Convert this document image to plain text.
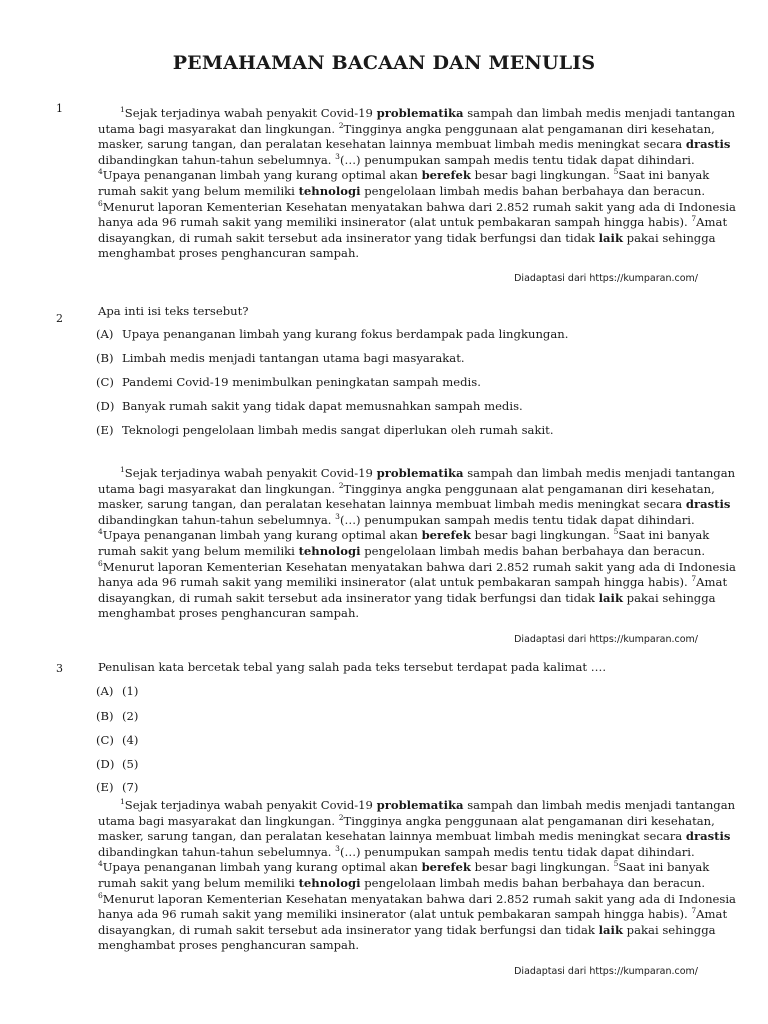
PEMAHAMAN BACAAN DAN MENULIS
1	$^1$Sejak terjadinya wabah penyakit Covid-19 problematika sampah dan limbah medis menjadi tantangan
utama bagi masyarakat dan lingkungan. $^2$Tingginya angka penggunaan alat pengamanan diri kesehatan,
masker, sarung tangan, dan peralatan kesehatan lainnya membuat limbah medis meningkat secara drastis
dibandingkan tahun-tahun sebelumnya. $^3$(…) penumpukan sampah medis tentu tidak dapat dihindari.
$^4$Upaya penanganan limbah yang kurang optimal akan berefek besar bagi lingkungan. $^5$Saat ini banyak
rumah sakit yang belum memiliki tehnologi pengelolaan limbah medis bahan berbahaya dan beracun.
$^6$Menurut laporan Kementerian Kesehatan menyatakan bahwa dari 2.852 rumah sakit yang ada di Indonesia
hanya ada 96 rumah sakit yang memiliki insinerator (alat untuk pembakaran sampah hingga habis). $^7$Amat
disayangkan, di rumah sakit tersebut ada insinerator yang tidak berfungsi dan tidak laik pakai sehingga
menghambat proses penghancuran sampah.
Diadaptasi dari https://kumparan.com/
2
Apa inti isi teks tersebut?
(A) Upaya penanganan limbah yang kurang fokus berdampak pada lingkungan.
(B) Limbah medis menjadi tantangan utama bagi masyarakat.
(C) Pandemi Covid-19 menimbulkan peningkatan sampah medis.
(D) Banyak rumah sakit yang tidak dapat memusnahkan sampah medis.
(E) Teknologi pengelolaan limbah medis sangat diperlukan oleh rumah sakit.
$^1$Sejak terjadinya wabah penyakit Covid-19 problematika sampah dan limbah medis menjadi tantangan
utama bagi masyarakat dan lingkungan. $^2$Tingginya angka penggunaan alat pengamanan diri kesehatan,
masker, sarung tangan, dan peralatan kesehatan lainnya membuat limbah medis meningkat secara drastis
dibandingkan tahun-tahun sebelumnya. $^3$(…) penumpukan sampah medis tentu tidak dapat dihindari.
$^4$Upaya penanganan limbah yang kurang optimal akan berefek besar bagi lingkungan. $^5$Saat ini banyak
rumah sakit yang belum memiliki tehnologi pengelolaan limbah medis bahan berbahaya dan beracun.
$^6$Menurut laporan Kementerian Kesehatan menyatakan bahwa dari 2.852 rumah sakit yang ada di Indonesia
hanya ada 96 rumah sakit yang memiliki insinerator (alat untuk pembakaran sampah hingga habis). $^7$Amat
disayangkan, di rumah sakit tersebut ada insinerator yang tidak berfungsi dan tidak laik pakai sehingga
menghambat proses penghancuran sampah.
Diadaptasi dari https://kumparan.com/
3	Penulisan kata bercetak tebal yang salah pada teks tersebut terdapat pada kalimat ….
(A) (1)
(B) (2)
(C) (4)
(D) (5)
(E) (7)
$^1$Sejak terjadinya wabah penyakit Covid-19 problematika sampah dan limbah medis menjadi tantangan
utama bagi masyarakat dan lingkungan. $^2$Tingginya angka penggunaan alat pengamanan diri kesehatan,
masker, sarung tangan, dan peralatan kesehatan lainnya membuat limbah medis meningkat secara drastis
dibandingkan tahun-tahun sebelumnya. $^3$(…) penumpukan sampah medis tentu tidak dapat dihindari.
$^4$Upaya penanganan limbah yang kurang optimal akan berefek besar bagi lingkungan. $^5$Saat ini banyak
rumah sakit yang belum memiliki tehnologi pengelolaan limbah medis bahan berbahaya dan beracun.
$^6$Menurut laporan Kementerian Kesehatan menyatakan bahwa dari 2.852 rumah sakit yang ada di Indonesia
hanya ada 96 rumah sakit yang memiliki insinerator (alat untuk pembakaran sampah hingga habis). $^7$Amat
disayangkan, di rumah sakit tersebut ada insinerator yang tidak berfungsi dan tidak laik pakai sehingga
menghambat proses penghancuran sampah.
Diadaptasi dari https://kumparan.com/
